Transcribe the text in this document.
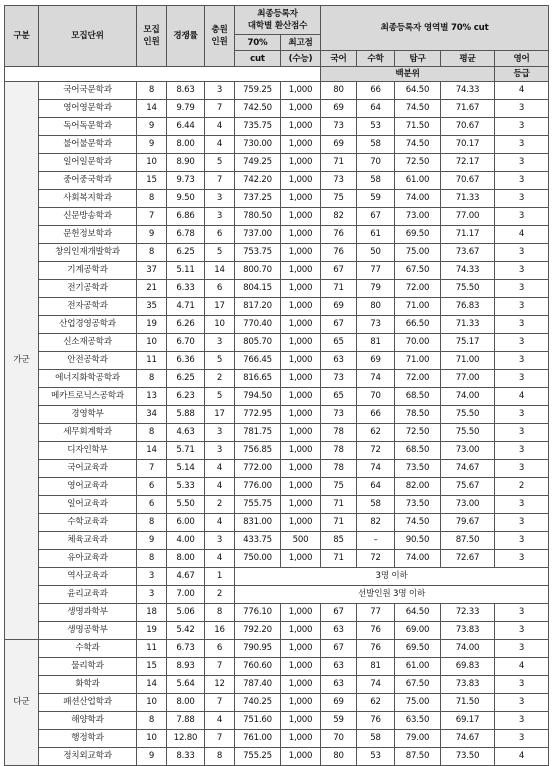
구분	모집단위	모집
인원	경쟁률	충원
인원	최종등록자
대학별 환산점수		최종등록자 영역별 70% cut				
					70%	최고점					
					cut	(수능)	국어	수학	탐구	평균	영어
							백분위				등급
가군	국어국문학과	8	8.63	3	759.25	1,000	80	66	64.50	74.33	4
	영어영문학과	14	9.79	7	742.50	1,000	69	64	74.50	71.67	3
	독어독문학과	9	6.44	4	735.75	1,000	73	53	71.50	70.67	3
	불어불문학과	9	8.00	4	730.00	1,000	69	58	74.50	70.17	3
	일어일문학과	10	8.90	5	749.25	1,000	71	70	72.50	72.17	3
	중어중국학과	15	9.73	7	742.20	1,000	73	58	61.00	70.67	3
	사회복지학과	8	9.50	3	737.25	1,000	75	59	74.00	71.33	3
	신문방송학과	7	6.86	3	780.50	1,000	82	67	73.00	77.00	3
	문헌정보학과	9	6.78	6	737.00	1,000	76	61	69.50	71.17	4
	창의인재개발학과	8	6.25	5	753.75	1,000	76	50	75.00	73.67	3
	기계공학과	37	5.11	14	800.70	1,000	67	77	67.50	74.33	3
	전기공학과	21	6.33	6	804.15	1,000	71	79	72.00	75.50	3
	전자공학과	35	4.71	17	817.20	1,000	69	80	71.00	76.83	3
	산업경영공학과	19	6.26	10	770.40	1,000	67	73	66.50	71.33	3
	신소재공학과	10	6.70	3	805.70	1,000	65	81	70.00	75.17	3
	안전공학과	11	6.36	5	766.45	1,000	63	69	71.00	71.00	3
	에너지화학공학과	8	6.25	2	816.65	1,000	73	74	72.00	77.00	3
	메카트로닉스공학과	13	6.23	5	794.50	1,000	65	70	68.50	74.00	4
	경영학부	34	5.88	17	772.95	1,000	73	66	78.50	75.50	3
	세무회계학과	8	4.63	3	781.75	1,000	78	62	72.50	75.50	3
	디자인학부	14	5.71	3	756.85	1,000	78	72	68.50	73.00	3
	국어교육과	7	5.14	4	772.00	1,000	78	74	73.50	74.67	3
	영어교육과	6	5.33	4	776.00	1,000	75	64	82.00	75.67	2
	일어교육과	6	5.50	2	755.75	1,000	71	58	73.50	73.00	3
	수학교육과	8	6.00	4	831.00	1,000	71	82	74.50	79.67	3
	체육교육과	9	4.00	3	433.75	500	85	–	90.50	87.50	3
	유아교육과	8	8.00	4	750.00	1,000	71	72	74.00	72.67	3
	역사교육과	3	4.67	1	3명 이하						
	윤리교육과	3	7.00	2	선발인원 3명 이하						
	생명과학부	18	5.06	8	776.10	1,000	67	77	64.50	72.33	3
	생명공학부	19	5.42	16	792.20	1,000	63	76	69.00	73.83	3
다군	수학과	11	6.73	6	790.95	1,000	67	76	69.50	74.00	3
	물리학과	15	8.93	7	760.60	1,000	63	81	61.00	69.83	4
	화학과	14	5.64	12	787.40	1,000	63	74	67.50	73.83	3
	패션산업학과	10	8.00	7	740.25	1,000	69	62	75.00	71.50	3
	해양학과	8	7.88	4	751.60	1,000	59	76	63.50	69.17	3
	행정학과	10	12.80	7	761.00	1,000	70	58	79.00	74.67	3
	정치외교학과	9	8.33	8	755.25	1,000	80	53	87.50	73.50	4
